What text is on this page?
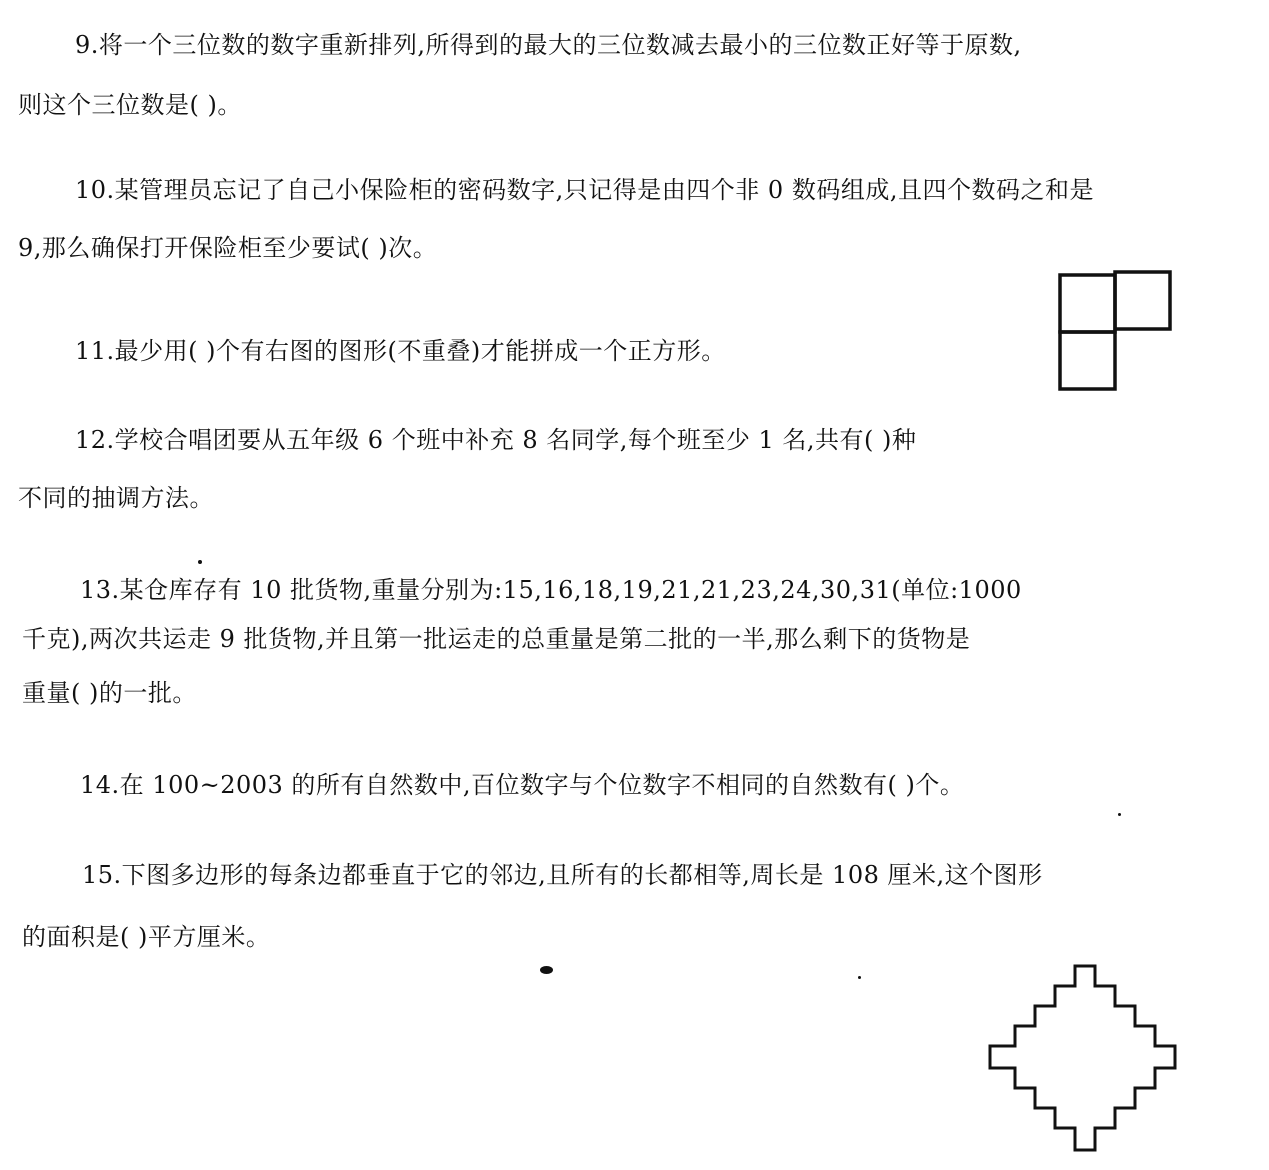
9.将一个三位数的数字重新排列,所得到的最大的三位数减去最小的三位数正好等于原数,
则这个三位数是( )。
10.某管理员忘记了自己小保险柜的密码数字,只记得是由四个非 0 数码组成,且四个数码之和是
9,那么确保打开保险柜至少要试( )次。
11.最少用( )个有右图的图形(不重叠)才能拼成一个正方形。
12.学校合唱团要从五年级 6 个班中补充 8 名同学,每个班至少 1 名,共有( )种
不同的抽调方法。
13.某仓库存有 10 批货物,重量分别为:15,16,18,19,21,21,23,24,30,31(单位:1000
千克),两次共运走 9 批货物,并且第一批运走的总重量是第二批的一半,那么剩下的货物是
重量( )的一批。
14.在 100~2003 的所有自然数中,百位数字与个位数字不相同的自然数有( )个。
15.下图多边形的每条边都垂直于它的邻边,且所有的长都相等,周长是 108 厘米,这个图形
的面积是( )平方厘米。
